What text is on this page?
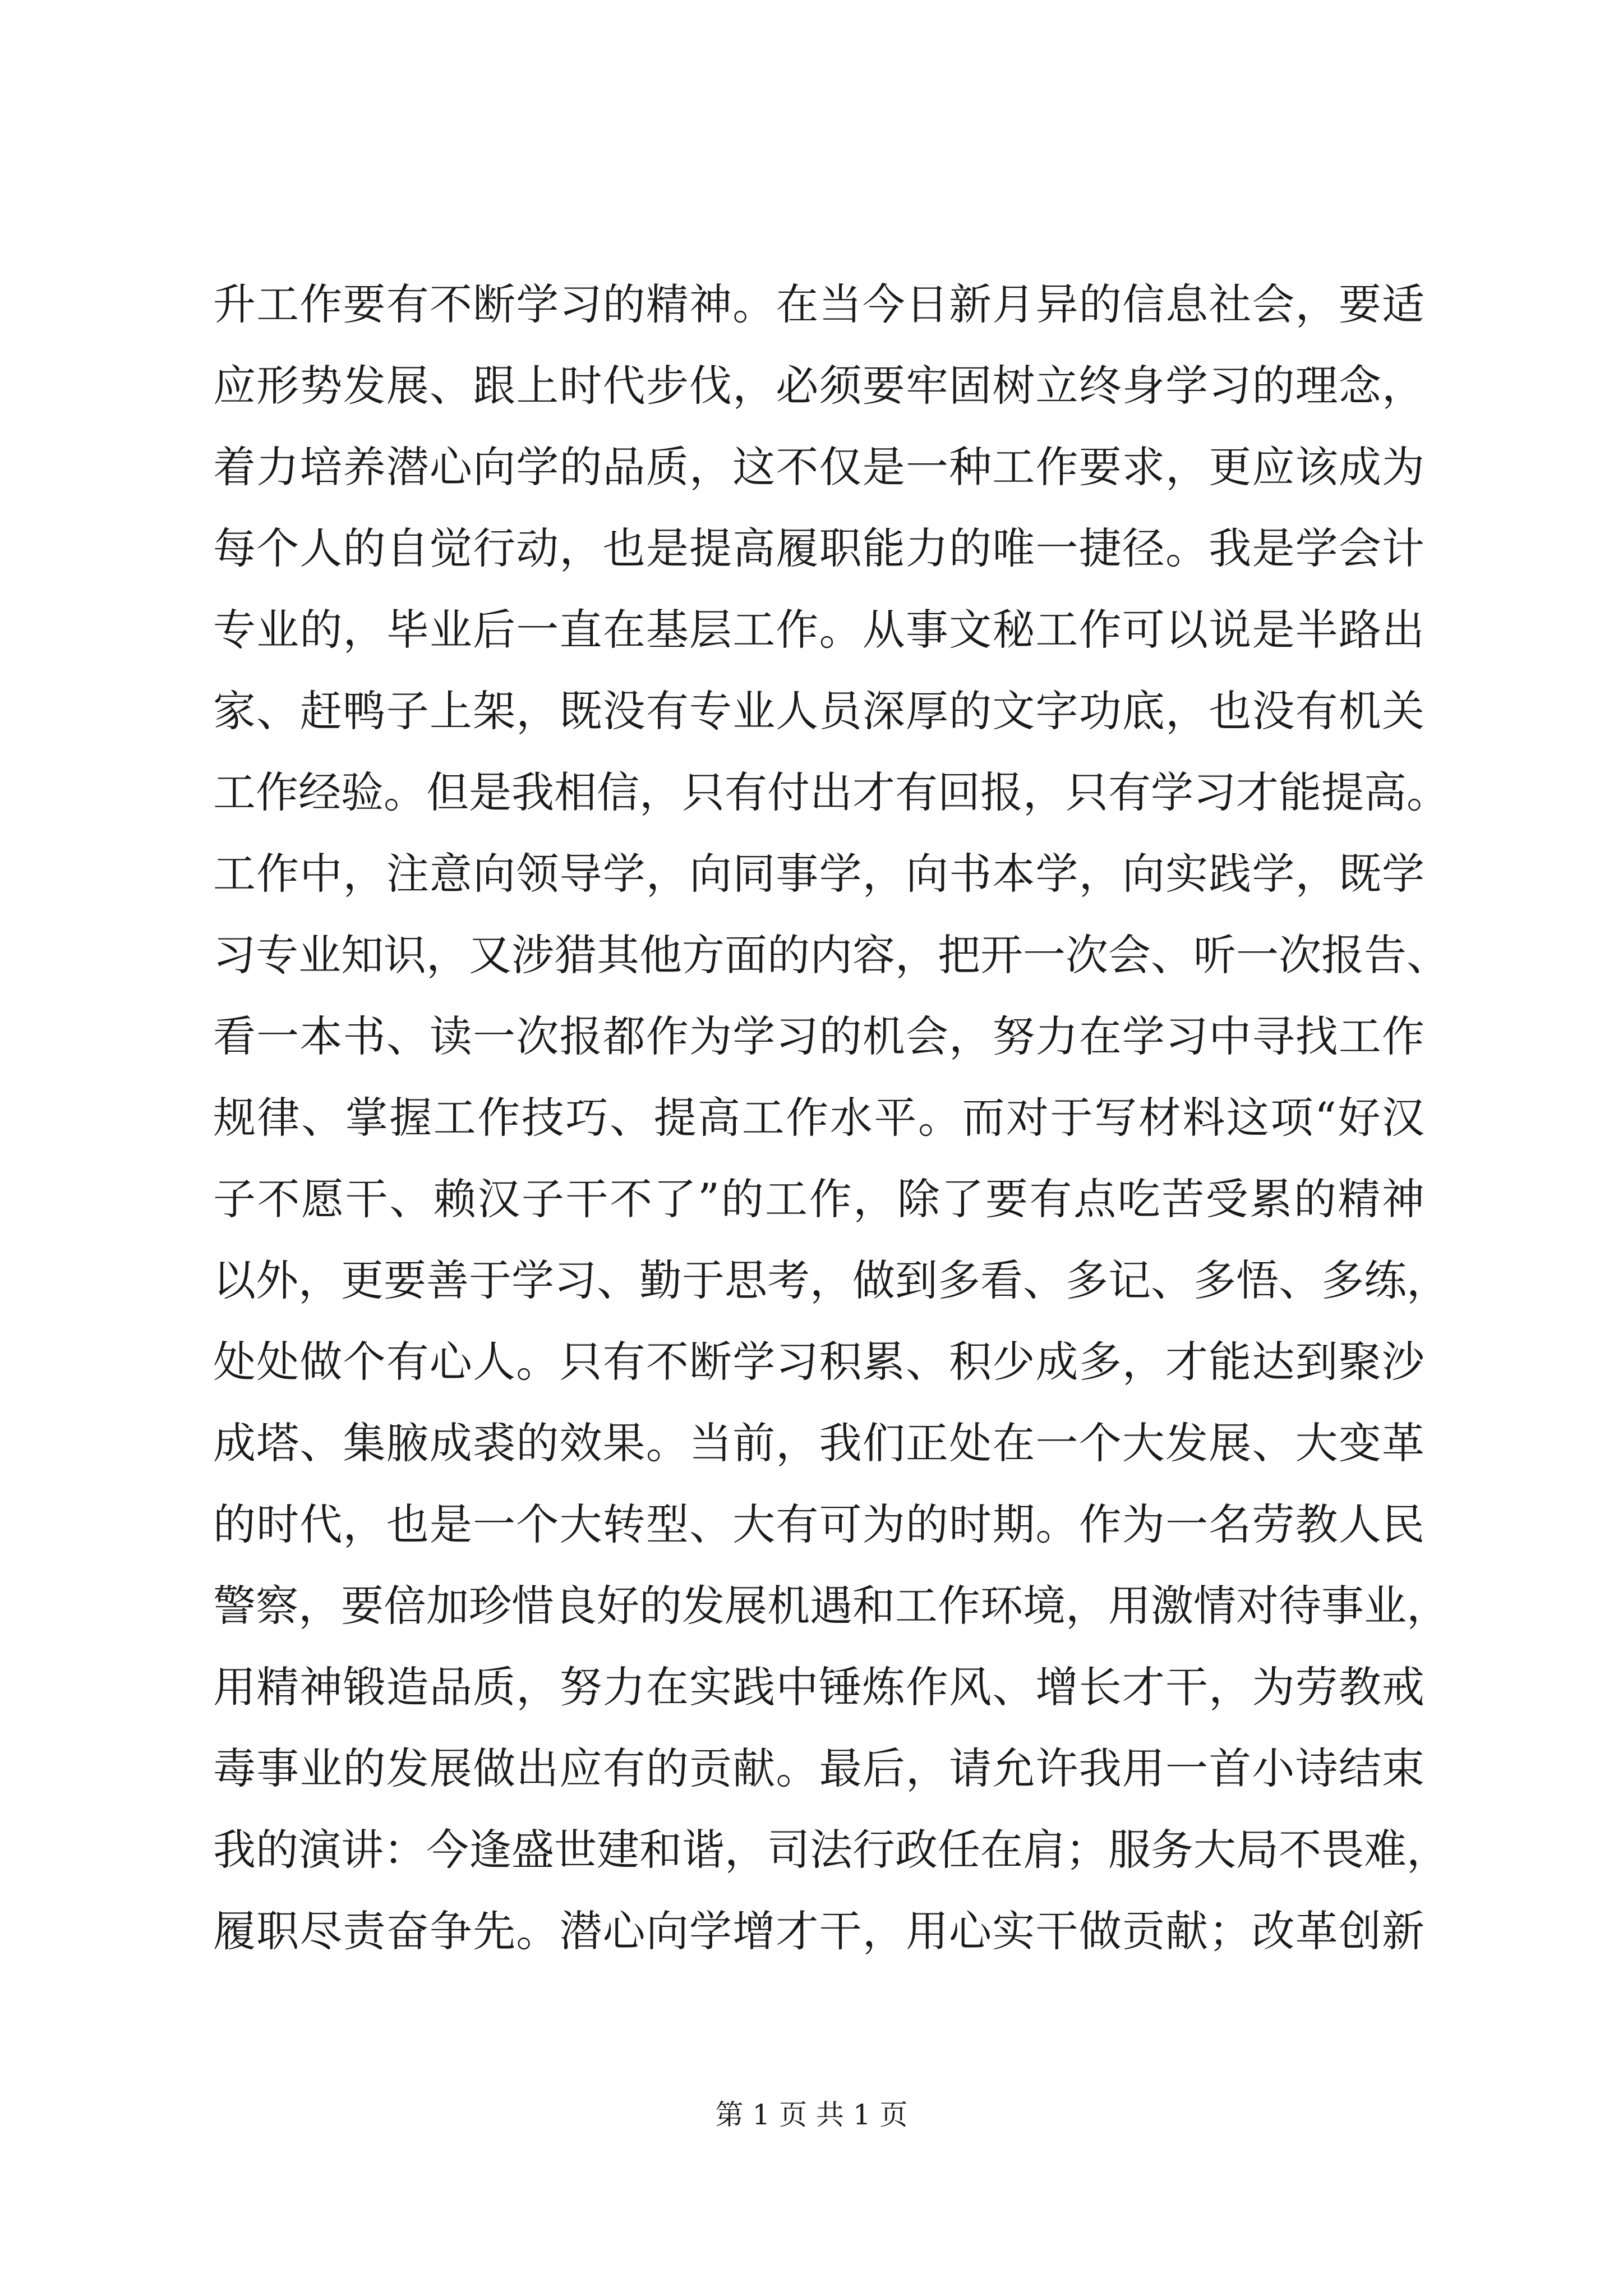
升工作要有不断学习的精神。在当今日新月异的信息社会，要适
应形势发展、跟上时代步伐，必须要牢固树立终身学习的理念，
着力培养潜心向学的品质，这不仅是一种工作要求，更应该成为
每个人的自觉行动，也是提高履职能力的唯一捷径。我是学会计
专业的，毕业后一直在基层工作。从事文秘工作可以说是半路出
家、赶鸭子上架，既没有专业人员深厚的文字功底，也没有机关
工作经验。但是我相信，只有付出才有回报，只有学习才能提高。
工作中，注意向领导学，向同事学，向书本学，向实践学，既学
习专业知识，又涉猎其他方面的内容，把开一次会、听一次报告、
看一本书、读一次报都作为学习的机会，努力在学习中寻找工作
规律、掌握工作技巧、提高工作水平。而对于写材料这项“好汉
子不愿干、赖汉子干不了”的工作，除了要有点吃苦受累的精神
以外，更要善于学习、勤于思考，做到多看、多记、多悟、多练，
处处做个有心人。只有不断学习积累、积少成多，才能达到聚沙
成塔、集腋成裘的效果。当前，我们正处在一个大发展、大变革
的时代，也是一个大转型、大有可为的时期。作为一名劳教人民
警察，要倍加珍惜良好的发展机遇和工作环境，用激情对待事业，
用精神锻造品质，努力在实践中锤炼作风、增长才干，为劳教戒
毒事业的发展做出应有的贡献。最后，请允许我用一首小诗结束
我的演讲：今逢盛世建和谐，司法行政任在肩；服务大局不畏难，
履职尽责奋争先。潜心向学增才干，用心实干做贡献；改革创新
第 1 页 共 1 页
